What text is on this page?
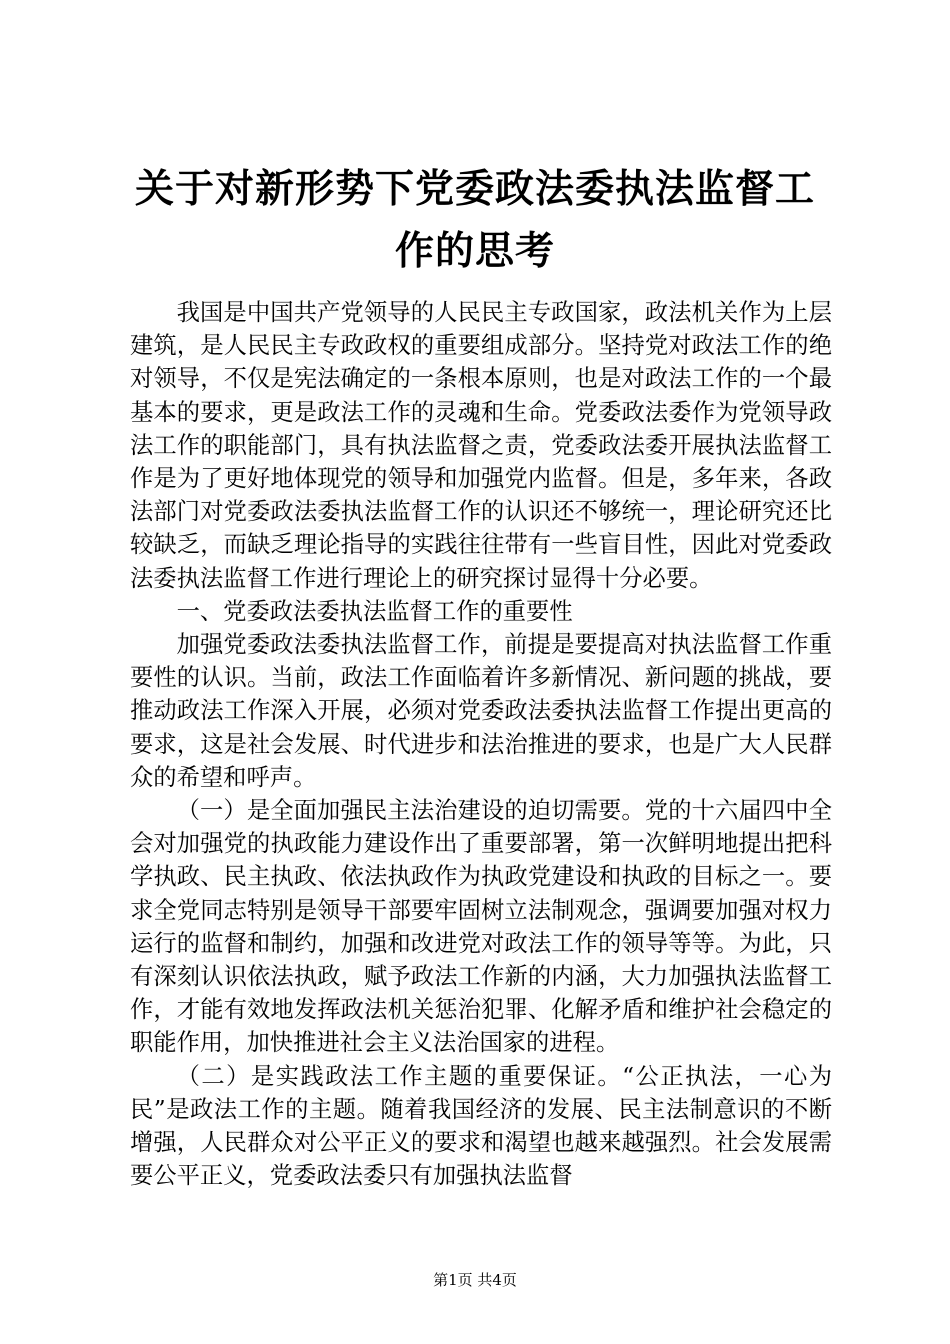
关于对新形势下党委政法委执法监督工作的思考

我国是中国共产党领导的人民民主专政国家，政法机关作为上层建筑，是人民民主专政政权的重要组成部分。坚持党对政法工作的绝对领导，不仅是宪法确定的一条根本原则，也是对政法工作的一个最基本的要求，更是政法工作的灵魂和生命。党委政法委作为党领导政法工作的职能部门，具有执法监督之责，党委政法委开展执法监督工作是为了更好地体现党的领导和加强党内监督。但是，多年来，各政法部门对党委政法委执法监督工作的认识还不够统一，理论研究还比较缺乏，而缺乏理论指导的实践往往带有一些盲目性，因此对党委政法委执法监督工作进行理论上的研究探讨显得十分必要。

一、党委政法委执法监督工作的重要性

加强党委政法委执法监督工作，前提是要提高对执法监督工作重要性的认识。当前，政法工作面临着许多新情况、新问题的挑战，要推动政法工作深入开展，必须对党委政法委执法监督工作提出更高的要求，这是社会发展、时代进步和法治推进的要求，也是广大人民群众的希望和呼声。

（一）是全面加强民主法治建设的迫切需要。党的十六届四中全会对加强党的执政能力建设作出了重要部署，第一次鲜明地提出把科学执政、民主执政、依法执政作为执政党建设和执政的目标之一。要求全党同志特别是领导干部要牢固树立法制观念，强调要加强对权力运行的监督和制约，加强和改进党对政法工作的领导等等。为此，只有深刻认识依法执政，赋予政法工作新的内涵，大力加强执法监督工作，才能有效地发挥政法机关惩治犯罪、化解矛盾和维护社会稳定的职能作用，加快推进社会主义法治国家的进程。

（二）是实践政法工作主题的重要保证。“公正执法，一心为民”是政法工作的主题。随着我国经济的发展、民主法制意识的不断增强，人民群众对公平正义的要求和渴望也越来越强烈。社会发展需要公平正义，党委政法委只有加强执法监督

第1页 共4页
